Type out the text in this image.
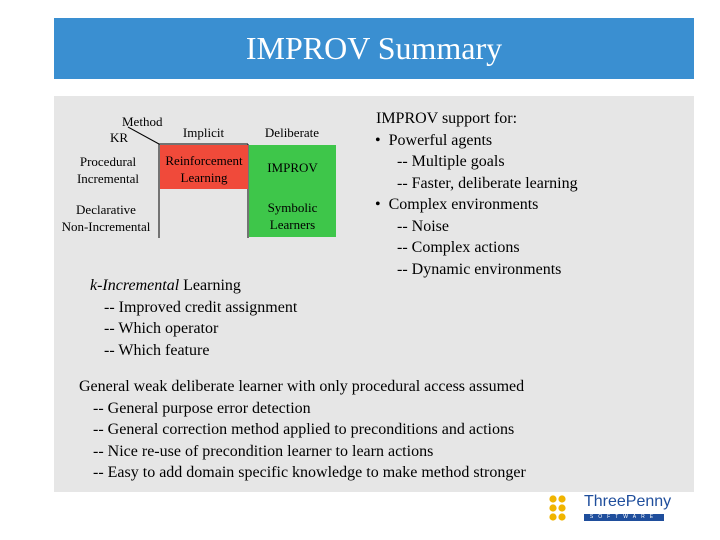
IMPROV Summary
Method
KR	Implicit	Deliberate
Procedural
Incremental
Declarative
Non-Incremental
Reinforcement
Learning
IMPROV
Symbolic
Learners
IMPROV support for:
•  Powerful agents
-- Multiple goals
-- Faster, deliberate learning
•  Complex environments
-- Noise
-- Complex actions
-- Dynamic environments
k-Incremental Learning
-- Improved credit assignment
-- Which operator
-- Which feature
General weak deliberate learner with only procedural access assumed
-- General purpose error detection
-- General correction method applied to preconditions and actions
-- Nice re-use of precondition learner to learn actions
-- Easy to add domain specific knowledge to make method stronger
ThreePenny
SOFTWARE
